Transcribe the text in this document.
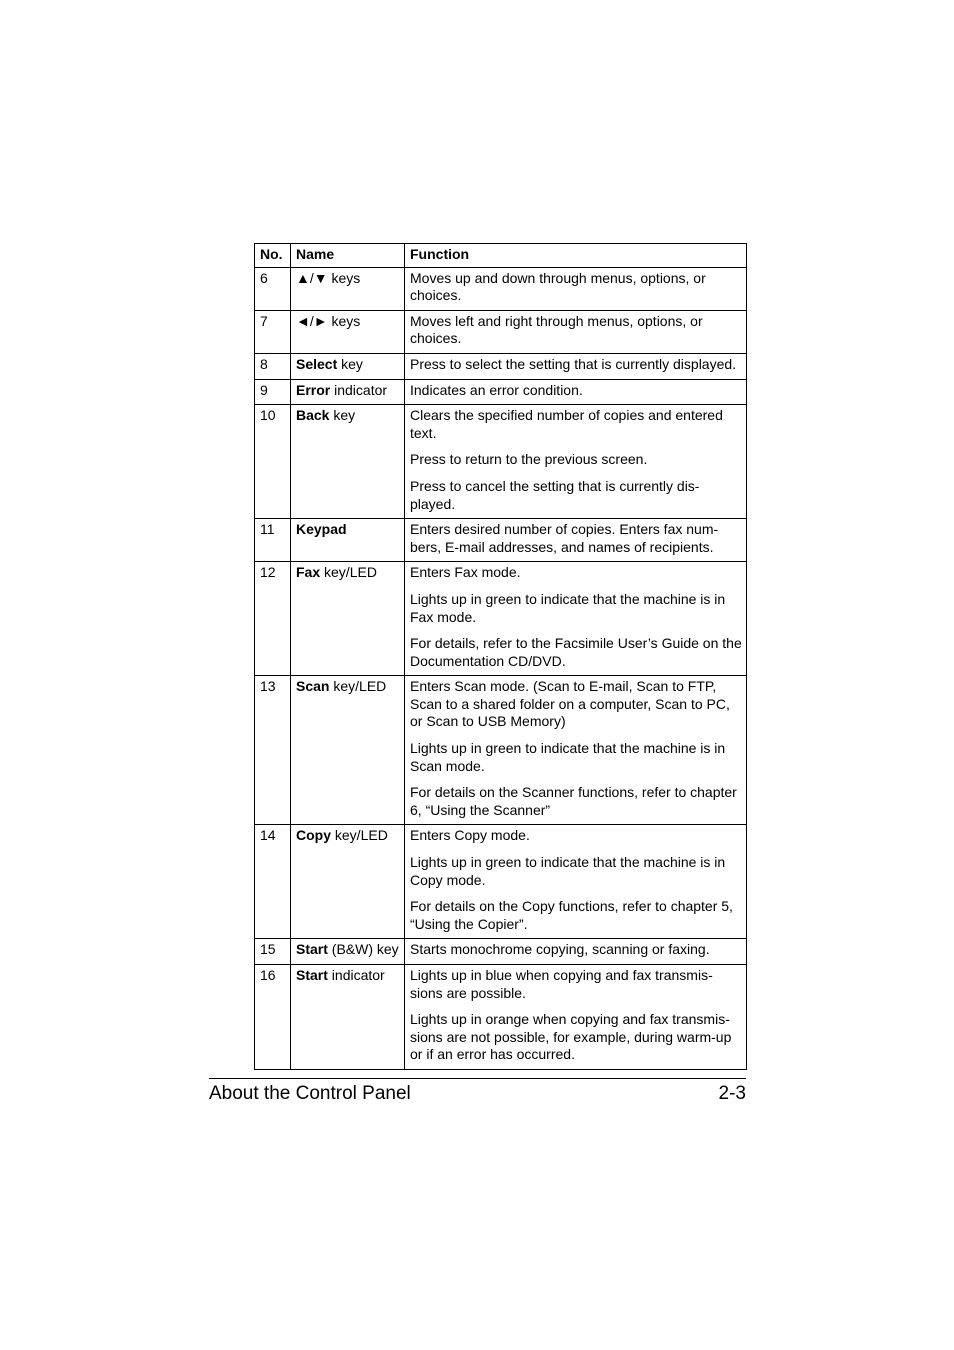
No.	Name	Function
6	▲/▼ keys	Moves up and down through menus, options, or choices.

7	◄/► keys	Moves left and right through menus, options, or choices.

8	Select key	Press to select the setting that is currently displayed.

9	Error indicator	Indicates an error condition.

10	Back key	Clears the specified number of copies and entered text.

Press to return to the previous screen.

Press to cancel the setting that is currently dis-played.

11	Keypad	Enters desired number of copies. Enters fax num-bers, E-mail addresses, and names of recipients.

12	Fax key/LED	Enters Fax mode.

Lights up in green to indicate that the machine is in Fax mode.

For details, refer to the Facsimile User’s Guide on the Documentation CD/DVD.

13	Scan key/LED	Enters Scan mode. (Scan to E-mail, Scan to FTP, Scan to a shared folder on a computer, Scan to PC, or Scan to USB Memory)

Lights up in green to indicate that the machine is in Scan mode.

For details on the Scanner functions, refer to chapter 6, “Using the Scanner”

14	Copy key/LED	Enters Copy mode.

Lights up in green to indicate that the machine is in Copy mode.

For details on the Copy functions, refer to chapter 5, “Using the Copier”.

15	Start (B&W) key	Starts monochrome copying, scanning or faxing.

16	Start indicator	Lights up in blue when copying and fax transmis-sions are possible.

Lights up in orange when copying and fax transmis-sions are not possible, for example, during warm-up or if an error has occurred.

About the Control Panel	2-3
